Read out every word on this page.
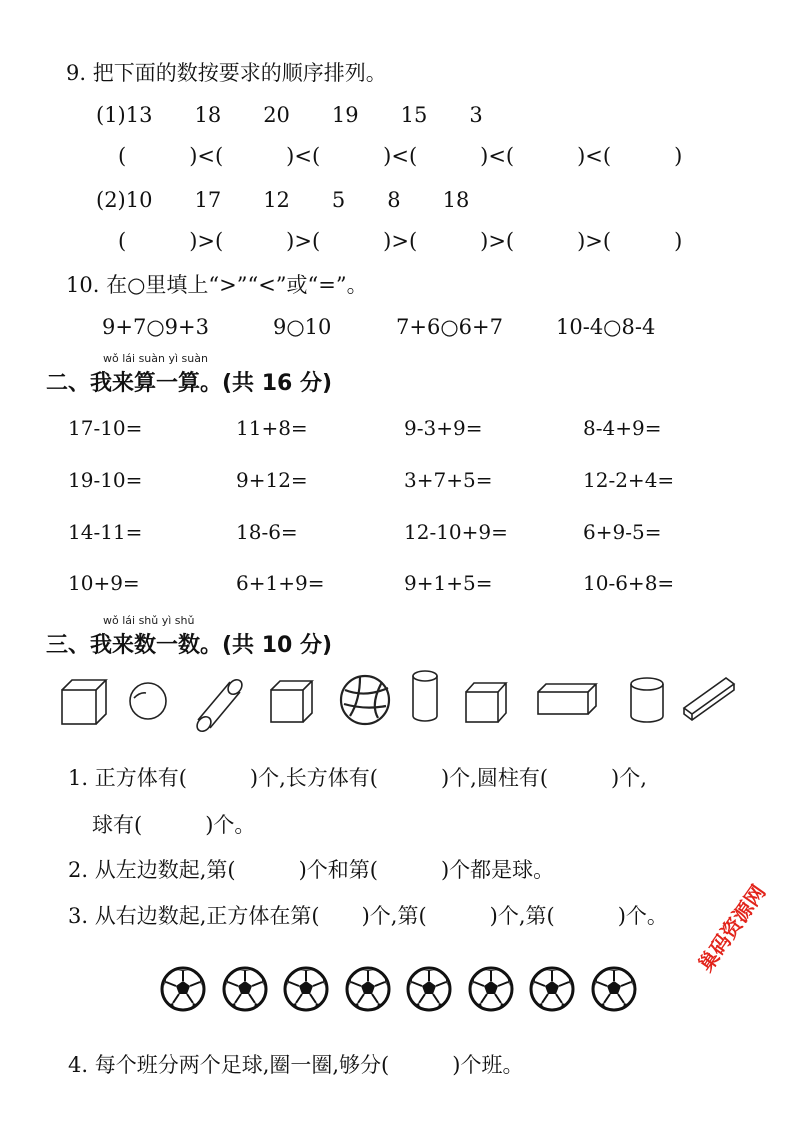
9. 把下面的数按要求的顺序排列。
(1)13　　18　　20　　19　　15　　3
(　　　)<(　　　)<(　　　)<(　　　)<(　　　)<(　　　)
(2)10　　17　　12　　5　　8　　18
(　　　)>(　　　)>(　　　)>(　　　)>(　　　)>(　　　)
10. 在○里填上“>”“<”或“=”。
9+7○9+3	9○10	7+6○6+7	10-4○8-4
wǒ lái suàn yì suàn
二、我来算一算。(共 16 分)
17-10=	11+8=	9-3+9=	8-4+9=
19-10=	9+12=	3+7+5=	12-2+4=
14-11=	18-6=	12-10+9=	6+9-5=
10+9=	6+1+9=	9+1+5=	10-6+8=
wǒ lái shǔ yì shǔ
三、我来数一数。(共 10 分)
1. 正方体有(　　　)个,长方体有(　　　)个,圆柱有(　　　)个,
球有(　　　)个。
2. 从左边数起,第(　　　)个和第(　　　)个都是球。
3. 从右边数起,正方体在第(　　)个,第(　　　)个,第(　　　)个。
4. 每个班分两个足球,圈一圈,够分(　　　)个班。
巢码资源网
